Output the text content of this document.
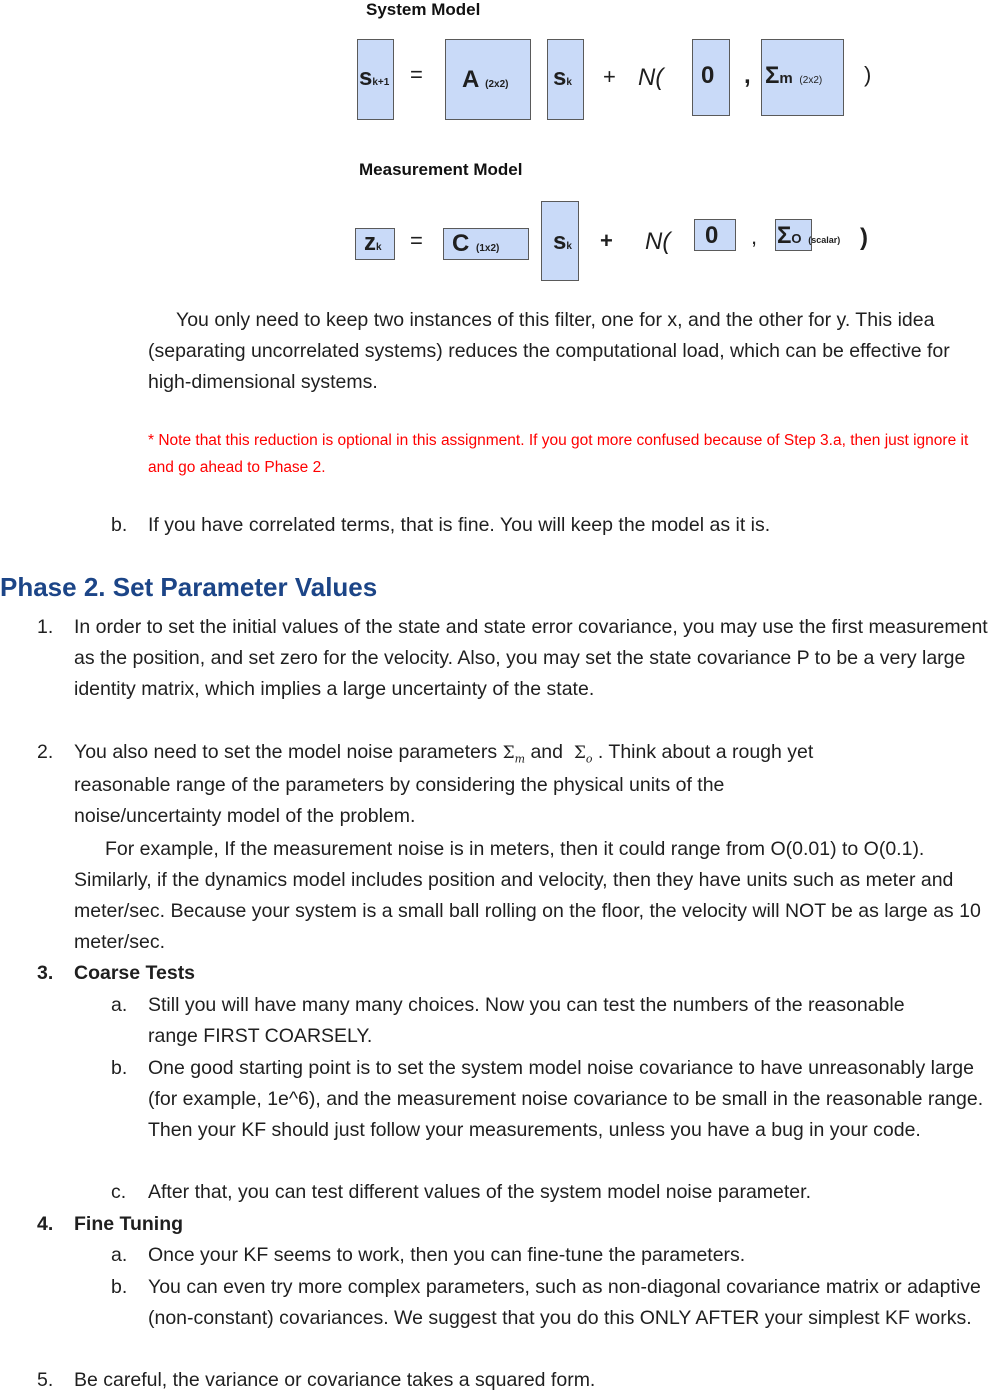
System Model
sk+1 = A (2x2) sk + N( 0 , Σm (2x2) )
Measurement Model
zk = C (1x2) sk + N( 0 , ΣO (scalar) )
You only need to keep two instances of this filter, one for x, and the other for y. This idea (separating uncorrelated systems) reduces the computational load, which can be effective for high-dimensional systems.
* Note that this reduction is optional in this assignment. If you got more confused because of Step 3.a, then just ignore it and go ahead to Phase 2.
b. If you have correlated terms, that is fine. You will keep the model as it is.
Phase 2. Set Parameter Values
1. In order to set the initial values of the state and state error covariance, you may use the first measurement as the position, and set zero for the velocity. Also, you may set the state covariance P to be a very large identity matrix, which implies a large uncertainty of the state.
2. You also need to set the model noise parameters $\Sigma_m$ and $\Sigma_o$ . Think about a rough yet
reasonable range of the parameters by considering the physical units of the noise/uncertainty model of the problem.
For example, If the measurement noise is in meters, then it could range from O(0.01) to O(0.1). Similarly, if the dynamics model includes position and velocity, then they have units such as meter and meter/sec. Because your system is a small ball rolling on the floor, the velocity will NOT be as large as 10 meter/sec.
3. Coarse Tests
a. Still you will have many many choices. Now you can test the numbers of the reasonable range FIRST COARSELY.
b. One good starting point is to set the system model noise covariance to have unreasonably large (for example, 1e^6), and the measurement noise covariance to be small in the reasonable range. Then your KF should just follow your measurements, unless you have a bug in your code.
c. After that, you can test different values of the system model noise parameter.
4. Fine Tuning
a. Once your KF seems to work, then you can fine-tune the parameters.
b. You can even try more complex parameters, such as non-diagonal covariance matrix or adaptive (non-constant) covariances. We suggest that you do this ONLY AFTER your simplest KF works.
5. Be careful, the variance or covariance takes a squared form.
